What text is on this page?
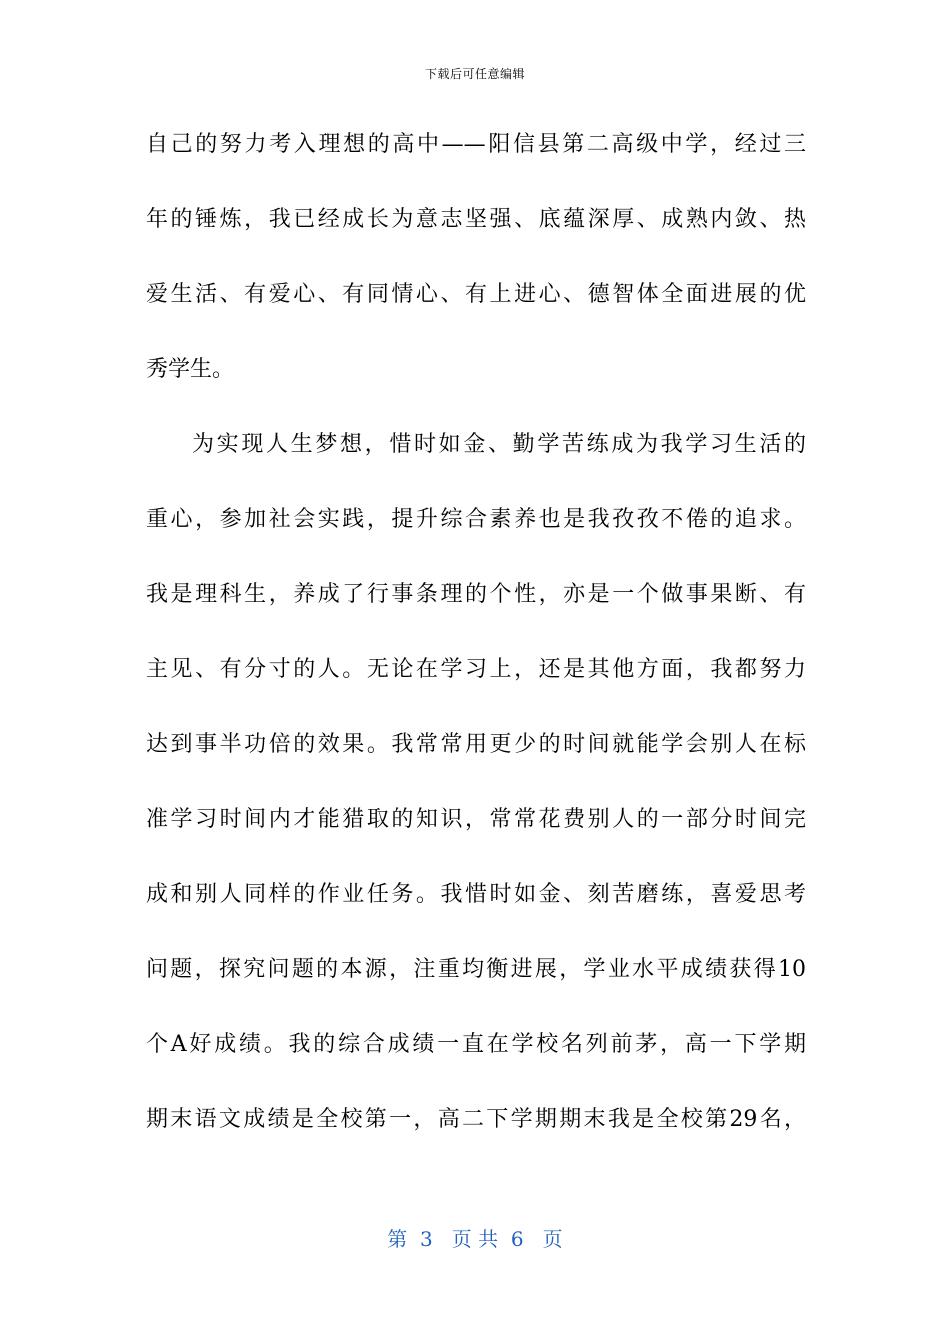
下载后可任意编辑
自己的努力考入理想的高中——阳信县第二高级中学，经过三
年的锤炼，我已经成长为意志坚强、底蕴深厚、成熟内敛、热
爱生活、有爱心、有同情心、有上进心、德智体全面进展的优
秀学生。
为实现人生梦想，惜时如金、勤学苦练成为我学习生活的
重心，参加社会实践，提升综合素养也是我孜孜不倦的追求。
我是理科生，养成了行事条理的个性，亦是一个做事果断、有
主见、有分寸的人。无论在学习上，还是其他方面，我都努力
达到事半功倍的效果。我常常用更少的时间就能学会别人在标
准学习时间内才能猎取的知识，常常花费别人的一部分时间完
成和别人同样的作业任务。我惜时如金、刻苦磨练，喜爱思考
问题，探究问题的本源，注重均衡进展，学业水平成绩获得10
个A好成绩。我的综合成绩一直在学校名列前茅，高一下学期
期末语文成绩是全校第一，高二下学期期末我是全校第29名，
第  3   页 共  6   页
